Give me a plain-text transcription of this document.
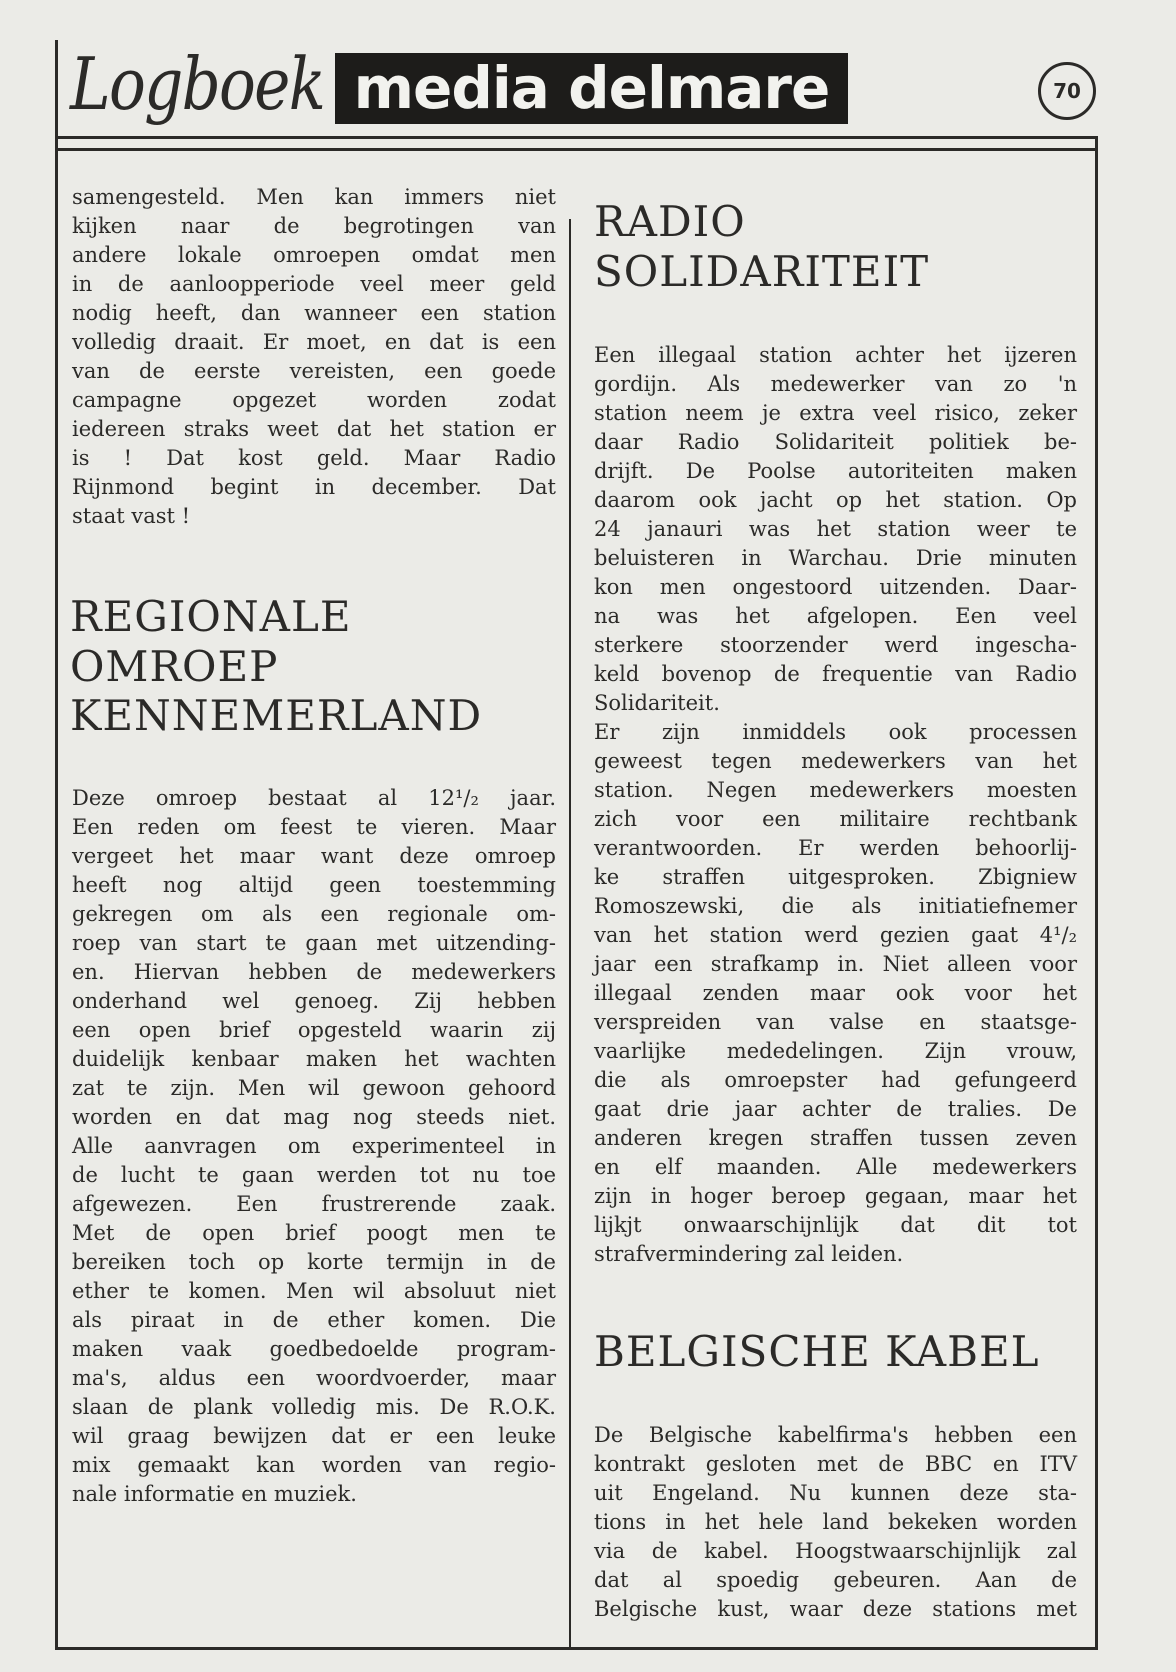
Logboek media delmare	70
samengesteld. Men kan immers niet
kijken naar de begrotingen van
andere lokale omroepen omdat men
in de aanloopperiode veel meer geld
nodig heeft, dan wanneer een station
volledig draait. Er moet, en dat is een
van de eerste vereisten, een goede
campagne opgezet worden zodat
iedereen straks weet dat het station er
is ! Dat kost geld. Maar Radio
Rijnmond begint in december. Dat
staat vast !
REGIONALE
OMROEP
KENNEMERLAND
Deze omroep bestaat al 12¹/₂ jaar.
Een reden om feest te vieren. Maar
vergeet het maar want deze omroep
heeft nog altijd geen toestemming
gekregen om als een regionale om-
roep van start te gaan met uitzending-
en. Hiervan hebben de medewerkers
onderhand wel genoeg. Zij hebben
een open brief opgesteld waarin zij
duidelijk kenbaar maken het wachten
zat te zijn. Men wil gewoon gehoord
worden en dat mag nog steeds niet.
Alle aanvragen om experimenteel in
de lucht te gaan werden tot nu toe
afgewezen. Een frustrerende zaak.
Met de open brief poogt men te
bereiken toch op korte termijn in de
ether te komen. Men wil absoluut niet
als piraat in de ether komen. Die
maken vaak goedbedoelde program-
ma's, aldus een woordvoerder, maar
slaan de plank volledig mis. De R.O.K.
wil graag bewijzen dat er een leuke
mix gemaakt kan worden van regio-
nale informatie en muziek.
RADIO
SOLIDARITEIT
Een illegaal station achter het ijzeren
gordijn. Als medewerker van zo 'n
station neem je extra veel risico, zeker
daar Radio Solidariteit politiek be-
drijft. De Poolse autoriteiten maken
daarom ook jacht op het station. Op
24 janauri was het station weer te
beluisteren in Warchau. Drie minuten
kon men ongestoord uitzenden. Daar-
na was het afgelopen. Een veel
sterkere stoorzender werd ingescha-
keld bovenop de frequentie van Radio
Solidariteit.
Er zijn inmiddels ook processen
geweest tegen medewerkers van het
station. Negen medewerkers moesten
zich voor een militaire rechtbank
verantwoorden. Er werden behoorlij-
ke straffen uitgesproken. Zbigniew
Romoszewski, die als initiatiefnemer
van het station werd gezien gaat 4¹/₂
jaar een strafkamp in. Niet alleen voor
illegaal zenden maar ook voor het
verspreiden van valse en staatsge-
vaarlijke mededelingen. Zijn vrouw,
die als omroepster had gefungeerd
gaat drie jaar achter de tralies. De
anderen kregen straffen tussen zeven
en elf maanden. Alle medewerkers
zijn in hoger beroep gegaan, maar het
lijkjt onwaarschijnlijk dat dit tot
strafvermindering zal leiden.
BELGISCHE KABEL
De Belgische kabelfirma's hebben een
kontrakt gesloten met de BBC en ITV
uit Engeland. Nu kunnen deze sta-
tions in het hele land bekeken worden
via de kabel. Hoogstwaarschijnlijk zal
dat al spoedig gebeuren. Aan de
Belgische kust, waar deze stations met
